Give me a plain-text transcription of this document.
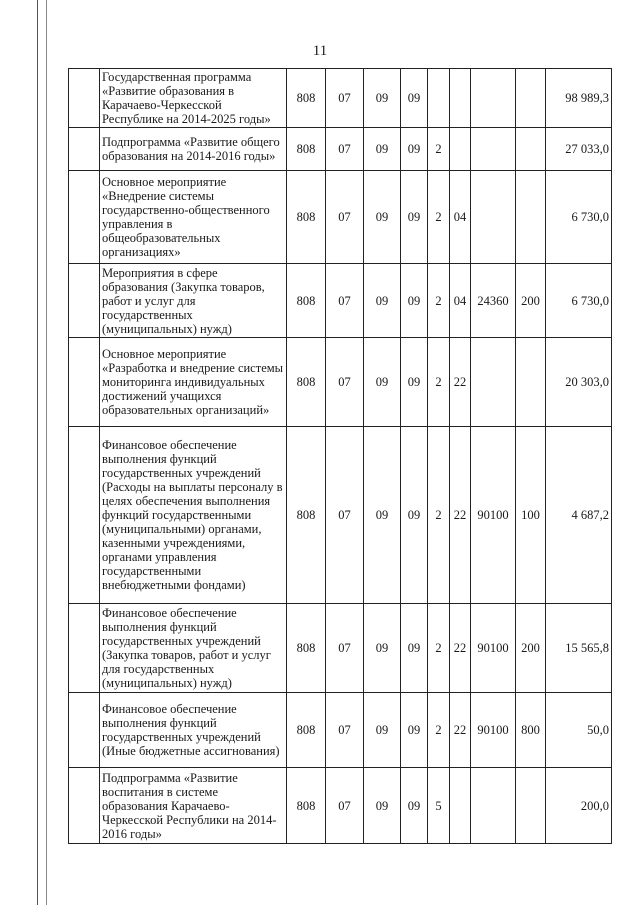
11
	Государственная программа «Развитие образования в Карачаево-Черкесской Республике на 2014-2025 годы»	808	07	09	09					98 989,3
	Подпрограмма «Развитие общего образования на 2014-2016 годы»	808	07	09	09	2				27 033,0
	Основное мероприятие «Внедрение системы государственно-общественного управления в общеобразовательных организациях»	808	07	09	09	2	04			6 730,0
	Мероприятия в сфере образования (Закупка товаров, работ и услуг для государственных (муниципальных) нужд)	808	07	09	09	2	04	24360	200	6 730,0
	Основное мероприятие «Разработка и внедрение системы мониторинга индивидуальных достижений учащихся образовательных организаций»	808	07	09	09	2	22			20 303,0
	Финансовое обеспечение выполнения функций государственных учреждений (Расходы на выплаты персоналу в целях обеспечения выполнения функций государственными (муниципальными) органами, казенными учреждениями, органами управления государственными внебюджетными фондами)	808	07	09	09	2	22	90100	100	4 687,2
	Финансовое обеспечение выполнения функций государственных учреждений (Закупка товаров, работ и услуг для государственных (муниципальных) нужд)	808	07	09	09	2	22	90100	200	15 565,8
	Финансовое обеспечение выполнения функций государственных учреждений (Иные бюджетные ассигнования)	808	07	09	09	2	22	90100	800	50,0
	Подпрограмма «Развитие воспитания в системе образования Карачаево-Черкесской Республики на 2014-2016 годы»	808	07	09	09	5				200,0
